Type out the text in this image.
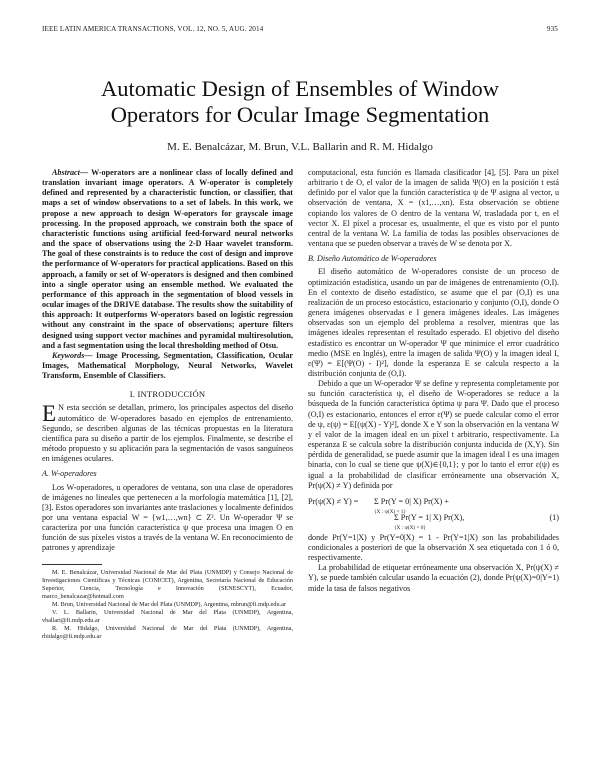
IEEE LATIN AMERICA TRANSACTIONS, VOL. 12, NO. 5, AUG. 2014	935
Automatic Design of Ensembles of Window
Operators for Ocular Image Segmentation
M. E. Benalcázar, M. Brun, V.L. Ballarin and R. M. Hidalgo

Abstract— W-operators are a nonlinear class of locally defined and translation invariant image operators. A W-operator is completely defined and represented by a characteristic function, or classifier, that maps a set of window observations to a set of labels. In this work, we propose a new approach to design W-operators for grayscale image processing. In the proposed approach, we constrain both the space of characteristic functions using artificial feed-forward neural networks and the space of observations using the 2-D Haar wavelet transform. The goal of these constraints is to reduce the cost of design and improve the performance of W-operators for practical applications. Based on this approach, a family or set of W-operators is designed and then combined into a single operator using an ensemble method. We evaluated the performance of this approach in the segmentation of blood vessels in ocular images of the DRIVE database. The results show the suitability of this approach: It outperforms W-operators based on logistic regression without any constraint in the space of observations; aperture filters designed using support vector machines and pyramidal multiresolution, and a fast segmentation using the local thresholding method of Otsu.

Keywords— Image Processing, Segmentation, Classification, Ocular Images, Mathematical Morphology, Neural Networks, Wavelet Transform, Ensemble of Classifiers.

I. INTRODUCCIÓN

E N esta sección se detallan, primero, los principales aspectos del diseño automático de W-operadores basado en ejemplos de entrenamiento. Segundo, se describen algunas de las técnicas propuestas en la literatura científica para su diseño a partir de los ejemplos. Finalmente, se describe el método propuesto y su aplicación para la segmentación de vasos sanguíneos en imágenes oculares.

A. W-operadores

Los W-operadores, u operadores de ventana, son una clase de operadores de imágenes no lineales que pertenecen a la morfología matemática [1], [2], [3]. Estos operadores son invariantes ante traslaciones y localmente definidos por una ventana espacial W = {w1,…,wn} ⊂ Z². Un W-operador Ψ se caracteriza por una función característica ψ que procesa una imagen O en función de sus píxeles vistos a través de la ventana W. En reconocimiento de patrones y aprendizaje

M. E. Benalcázar, Universidad Nacional de Mar del Plata (UNMDP) y Consejo Nacional de Investigaciones Científicas y Técnicas (CONICET), Argentina, Secretaría Nacional de Educación Superior, Ciencia, Tecnología e Innovación (SENESCYT), Ecuador, marco_benalcazar@hotmail.com

M. Brun, Universidad Nacional de Mar del Plata (UNMDP), Argentina, mbrun@fi.mdp.edu.ar

V. L. Ballarin, Universidad Nacional de Mar del Plata (UNMDP), Argentina, vballari@fi.mdp.edu.ar

R. M. Hidalgo, Universidad Nacional de Mar del Plata (UNMDP), Argentina, rhidalgo@fi.mdp.edu.ar

computacional, esta función es llamada clasificador [4], [5]. Para un píxel arbitrario t de O, el valor de la imagen de salida Ψ(O) en la posición t está definido por el valor que la función característica ψ de Ψ asigna al vector, u observación de ventana, X = (x1,…,xn). Esta observación se obtiene copiando los valores de O dentro de la ventana W, trasladada por t, en el vector X. El píxel a procesar es, usualmente, el que es visto por el punto central de la ventana W. La familia de todas las posibles observaciones de ventana que se pueden observar a través de W se denota por X.

B. Diseño Automático de W-operadores

El diseño automático de W-operadores consiste de un proceso de optimización estadística, usando un par de imágenes de entrenamiento (O,I). En el contexto de diseño estadístico, se asume que el par (O,I) es una realización de un proceso estocástico, estacionario y conjunto (O,I), donde O genera imágenes observadas e I genera imágenes ideales. Las imágenes observadas son un ejemplo del problema a resolver, mientras que las imágenes ideales representan el resultado esperado. El objetivo del diseño estadístico es encontrar un W-operador Ψ que minimice el error cuadrático medio (MSE en Inglés), entre la imagen de salida Ψ(O) y la imagen ideal I, ε(Ψ) = E[(Ψ(O) - I)²], donde la esperanza E se calcula respecto a la distribución conjunta de (O,I).

Debido a que un W-operador Ψ se define y representa completamente por su función característica ψ, el diseño de W-operadores se reduce a la búsqueda de la función característica óptima ψ para Ψ. Dado que el proceso (O,I) es estacionario, entonces el error ε(Ψ) se puede calcular como el error de ψ, ε(ψ) = E[(ψ(X) - Y)²], donde X e Y son la observación en la ventana W y el valor de la imagen ideal en un píxel t arbitrario, respectivamente. La esperanza E se calcula sobre la distribución conjunta inducida de (X,Y). Sin pérdida de generalidad, se puede asumir que la imagen ideal I es una imagen binaria, con lo cual se tiene que ψ(X)∈{0,1}; y por lo tanto el error ε(ψ) es igual a la probabilidad de clasificar erróneamente una observación X, Pr(ψ(X) ≠ Y) definida por

Pr(ψ(X) ≠ Y) = Σ Pr(Y = 0| X) Pr(X) +
{X : ψ(X) = 1}
Σ Pr(Y = 1| X) Pr(X),
{X : ψ(X) = 0}
(1)

donde Pr(Y=1|X) y Pr(Y=0|X) = 1 - Pr(Y=1|X) son las probabilidades condicionales a posteriori de que la observación X sea etiquetada con 1 ó 0, respectivamente.

La probabilidad de etiquetar erróneamente una observación X, Pr(ψ(X) ≠ Y), se puede también calcular usando la ecuación (2), donde Pr(ψ(X)=0|Y=1) mide la tasa de falsos negativos
